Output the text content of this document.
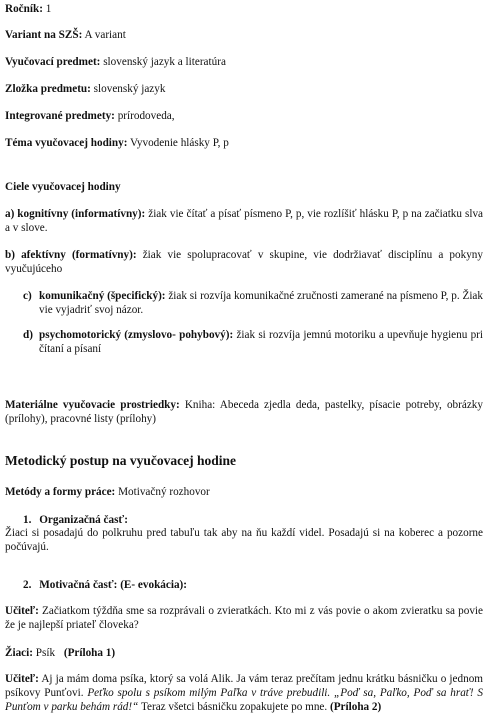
Ročník: 1
Variant na SZŠ: A variant
Vyučovací predmet: slovenský jazyk a literatúra
Zložka predmetu: slovenský jazyk
Integrované predmety: prírodoveda,
Téma vyučovacej hodiny: Vyvodenie hlásky P, p
Ciele vyučovacej hodiny
a) kognitívny (informatívny): žiak vie čítať a písať písmeno P, p, vie rozlíšiť hlásku P, p na začiatku slva a v slove.
b) afektívny (formatívny): žiak vie spolupracovať v skupine, vie dodržiavať disciplínu a pokyny vyučujúceho
c) komunikačný (špecifický): žiak si rozvíja komunikačné zručnosti zamerané na písmeno P, p. Žiak vie vyjadriť svoj názor.
d) psychomotorický (zmyslovo- pohybový): žiak si rozvíja jemnú motoriku a upevňuje hygienu pri čítaní a písaní
Materiálne vyučovacie prostriedky: Kniha: Abeceda zjedla deda, pastelky, písacie potreby, obrázky (prílohy), pracovné listy (prílohy)
Metodický postup na vyučovacej hodine
Metódy a formy práce: Motivačný rozhovor
1. Organizačná časť:
Žiaci si posadajú do polkruhu pred tabuľu tak aby na ňu každí videl. Posadajú si na koberec a pozorne počúvajú.
2. Motivačná časť: (E- evokácia):
Učiteľ: Začiatkom týždňa sme sa rozprávali o zvieratkách. Kto mi z vás povie o akom zvieratku sa povie že je najlepší priateľ človeka?
Žiaci: Psík (Príloha 1)
Učiteľ: Aj ja mám doma psíka, ktorý sa volá Alik. Ja vám teraz prečítam jednu krátku básničku o jednom psíkovy Punťovi. Peťko spolu s psíkom milým Paľka v tráve prebudili. „Poď sa, Paľko, Poď sa hrať! S Punťom v parku behám rád!“ Teraz všetci básničku zopakujete po mne. (Príloha 2)
